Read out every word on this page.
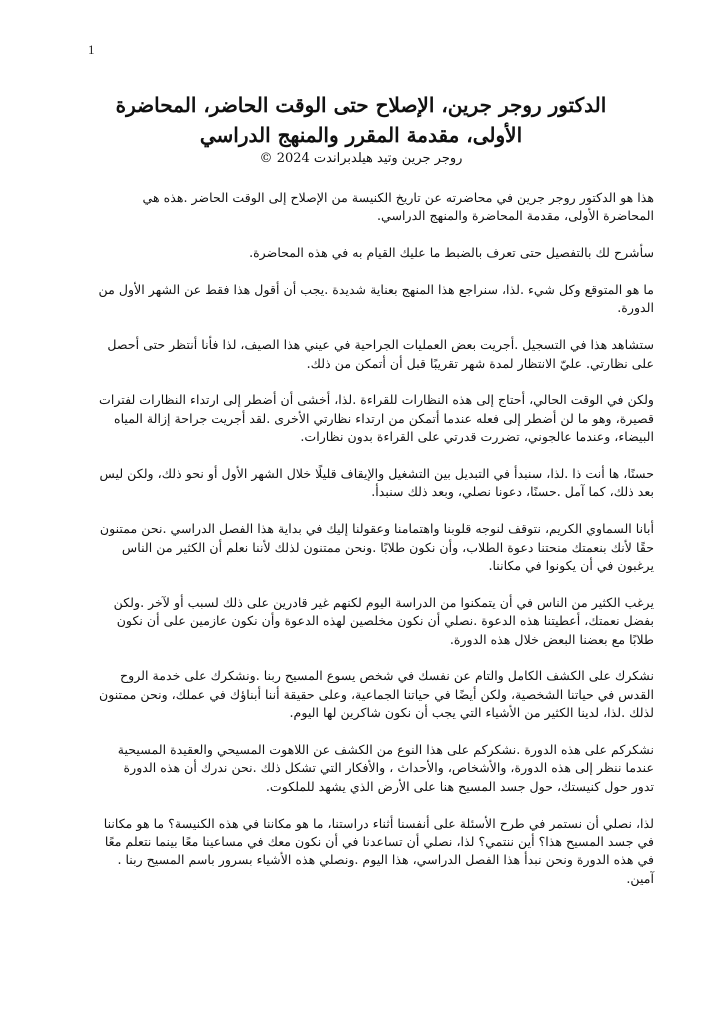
1
الدكتور روجر جرين، الإصلاح حتى الوقت الحاضر، المحاضرة الأولى، مقدمة المقرر والمنهج الدراسي
روجر جرين وتيد هيلدبراندت 2024 ©

هذا هو الدكتور روجر جرين في محاضرته عن تاريخ الكنيسة من الإصلاح إلى الوقت الحاضر .هذه هي المحاضرة الأولى، مقدمة المحاضرة والمنهج الدراسي.

سأشرح لك بالتفصيل حتى تعرف بالضبط ما عليك القيام به في هذه المحاضرة.

ما هو المتوقع وكل شيء .لذا، سنراجع هذا المنهج بعناية شديدة .يجب أن أقول هذا فقط عن الشهر الأول من الدورة.

ستشاهد هذا في التسجيل .أجريت بعض العمليات الجراحية في عيني هذا الصيف، لذا فأنا أنتظر حتى أحصل على نظارتي. عليّ الانتظار لمدة شهر تقريبًا قبل أن أتمكن من ذلك.

ولكن في الوقت الحالي، أحتاج إلى هذه النظارات للقراءة .لذا، أخشى أن أضطر إلى ارتداء النظارات لفترات قصيرة، وهو ما لن أضطر إلى فعله عندما أتمكن من ارتداء نظارتي الأخرى .لقد أجريت جراحة إزالة المياه البيضاء، وعندما عالجوني، تضررت قدرتي على القراءة بدون نظارات.

حسنًا، ها أنت ذا .لذا، سنبدأ في التبديل بين التشغيل والإيقاف قليلًا خلال الشهر الأول أو نحو ذلك، ولكن ليس بعد ذلك، كما آمل .حسنًا، دعونا نصلي، وبعد ذلك سنبدأ.

أبانا السماوي الكريم، نتوقف لنوجه قلوبنا واهتمامنا وعقولنا إليك في بداية هذا الفصل الدراسي .نحن ممتنون حقًا لأنك بنعمتك منحتنا دعوة الطلاب، وأن نكون طلابًا .ونحن ممتنون لذلك لأننا نعلم أن الكثير من الناس يرغبون في أن يكونوا في مكاننا.

يرغب الكثير من الناس في أن يتمكنوا من الدراسة اليوم لكنهم غير قادرين على ذلك لسبب أو لآخر .ولكن بفضل نعمتك، أعطيتنا هذه الدعوة .نصلي أن نكون مخلصين لهذه الدعوة وأن نكون عازمين على أن نكون طلابًا مع بعضنا البعض خلال هذه الدورة.

نشكرك على الكشف الكامل والتام عن نفسك في شخص يسوع المسيح ربنا .ونشكرك على خدمة الروح القدس في حياتنا الشخصية، ولكن أيضًا في حياتنا الجماعية، وعلى حقيقة أننا أبناؤك في عملك، ونحن ممتنون لذلك .لذا، لدينا الكثير من الأشياء التي يجب أن نكون شاكرين لها اليوم.

نشكركم على هذه الدورة .نشكركم على هذا النوع من الكشف عن اللاهوت المسيحي والعقيدة المسيحية عندما ننظر إلى هذه الدورة، والأشخاص، والأحداث ، والأفكار التي تشكل ذلك .نحن ندرك أن هذه الدورة تدور حول كنيستك، حول جسد المسيح هنا على الأرض الذي يشهد للملكوت.

لذا، نصلي أن نستمر في طرح الأسئلة على أنفسنا أثناء دراستنا، ما هو مكاننا في هذه الكنيسة؟ ما هو مكاننا في جسد المسيح هذا؟ أين ننتمي؟ لذا، نصلي أن تساعدنا في أن نكون معك في مساعينا معًا بينما نتعلم معًا في هذه الدورة ونحن نبدأ هذا الفصل الدراسي، هذا اليوم .ونصلي هذه الأشياء بسرور باسم المسيح ربنا . آمين.
